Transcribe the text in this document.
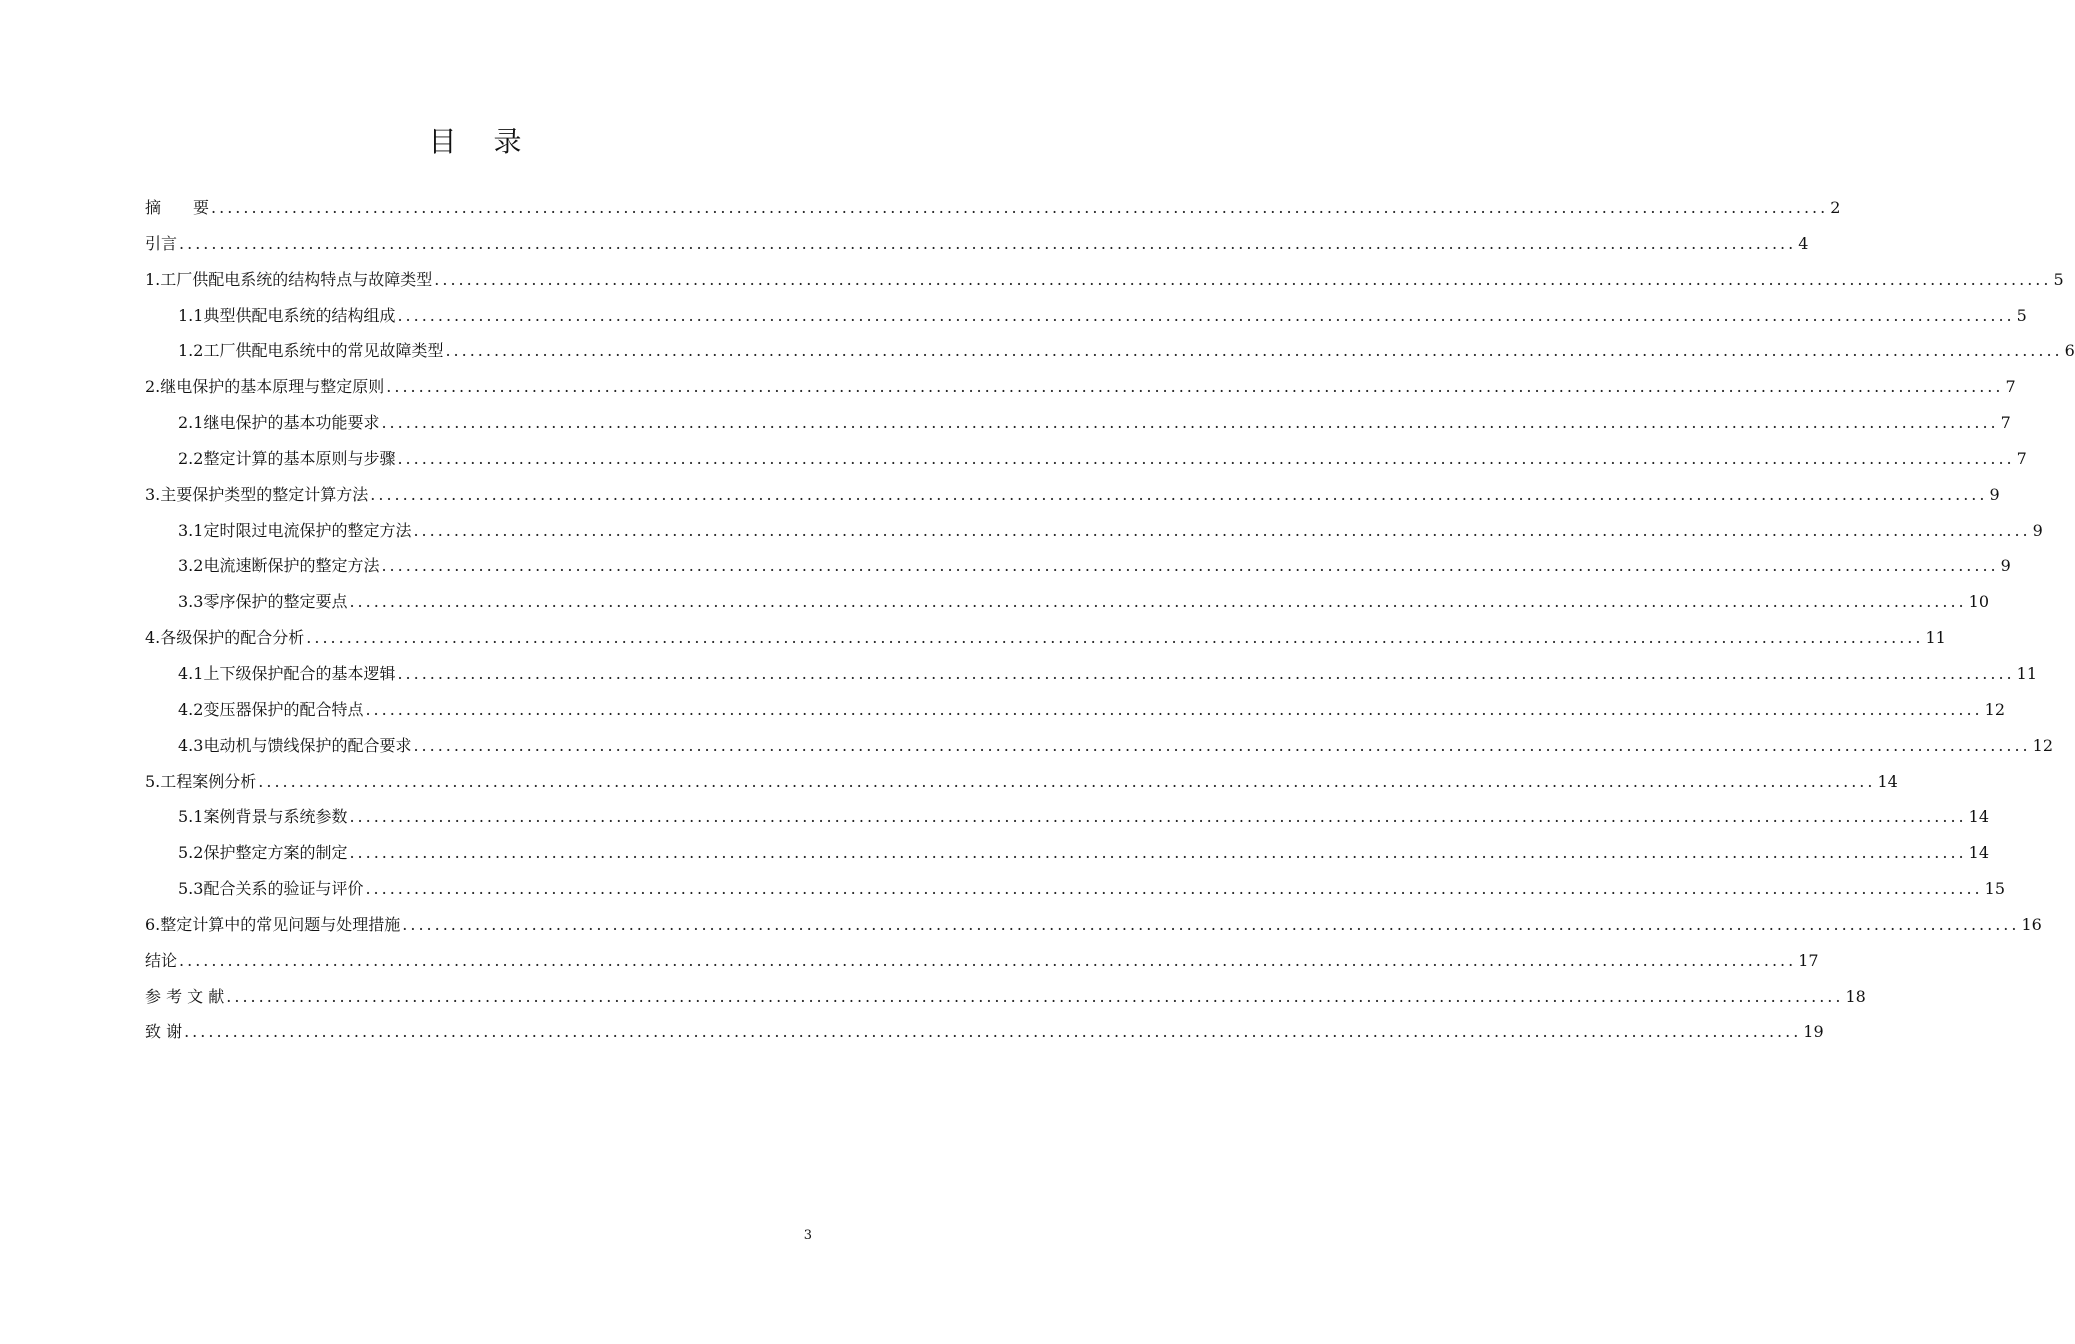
目 录
摘　　要 ........................................................................................................................................................................................................ 2
引言 ........................................................................................................................................................................................................ 4
1.工厂供配电系统的结构特点与故障类型 ........................................................................................................................................................................................................ 5
1.1典型供配电系统的结构组成 ........................................................................................................................................................................................................ 5
1.2工厂供配电系统中的常见故障类型 ........................................................................................................................................................................................................ 6
2.继电保护的基本原理与整定原则 ........................................................................................................................................................................................................ 7
2.1继电保护的基本功能要求 ........................................................................................................................................................................................................ 7
2.2整定计算的基本原则与步骤 ........................................................................................................................................................................................................ 7
3.主要保护类型的整定计算方法 ........................................................................................................................................................................................................ 9
3.1定时限过电流保护的整定方法 ........................................................................................................................................................................................................ 9
3.2电流速断保护的整定方法 ........................................................................................................................................................................................................ 9
3.3零序保护的整定要点 ........................................................................................................................................................................................................ 10
4.各级保护的配合分析 ........................................................................................................................................................................................................ 11
4.1上下级保护配合的基本逻辑 ........................................................................................................................................................................................................ 11
4.2变压器保护的配合特点 ........................................................................................................................................................................................................ 12
4.3电动机与馈线保护的配合要求 ........................................................................................................................................................................................................ 12
5.工程案例分析 ........................................................................................................................................................................................................ 14
5.1案例背景与系统参数 ........................................................................................................................................................................................................ 14
5.2保护整定方案的制定 ........................................................................................................................................................................................................ 14
5.3配合关系的验证与评价 ........................................................................................................................................................................................................ 15
6.整定计算中的常见问题与处理措施 ........................................................................................................................................................................................................ 16
结论 ........................................................................................................................................................................................................ 17
参 考 文 献 ........................................................................................................................................................................................................ 18
致 谢 ........................................................................................................................................................................................................ 19
3
